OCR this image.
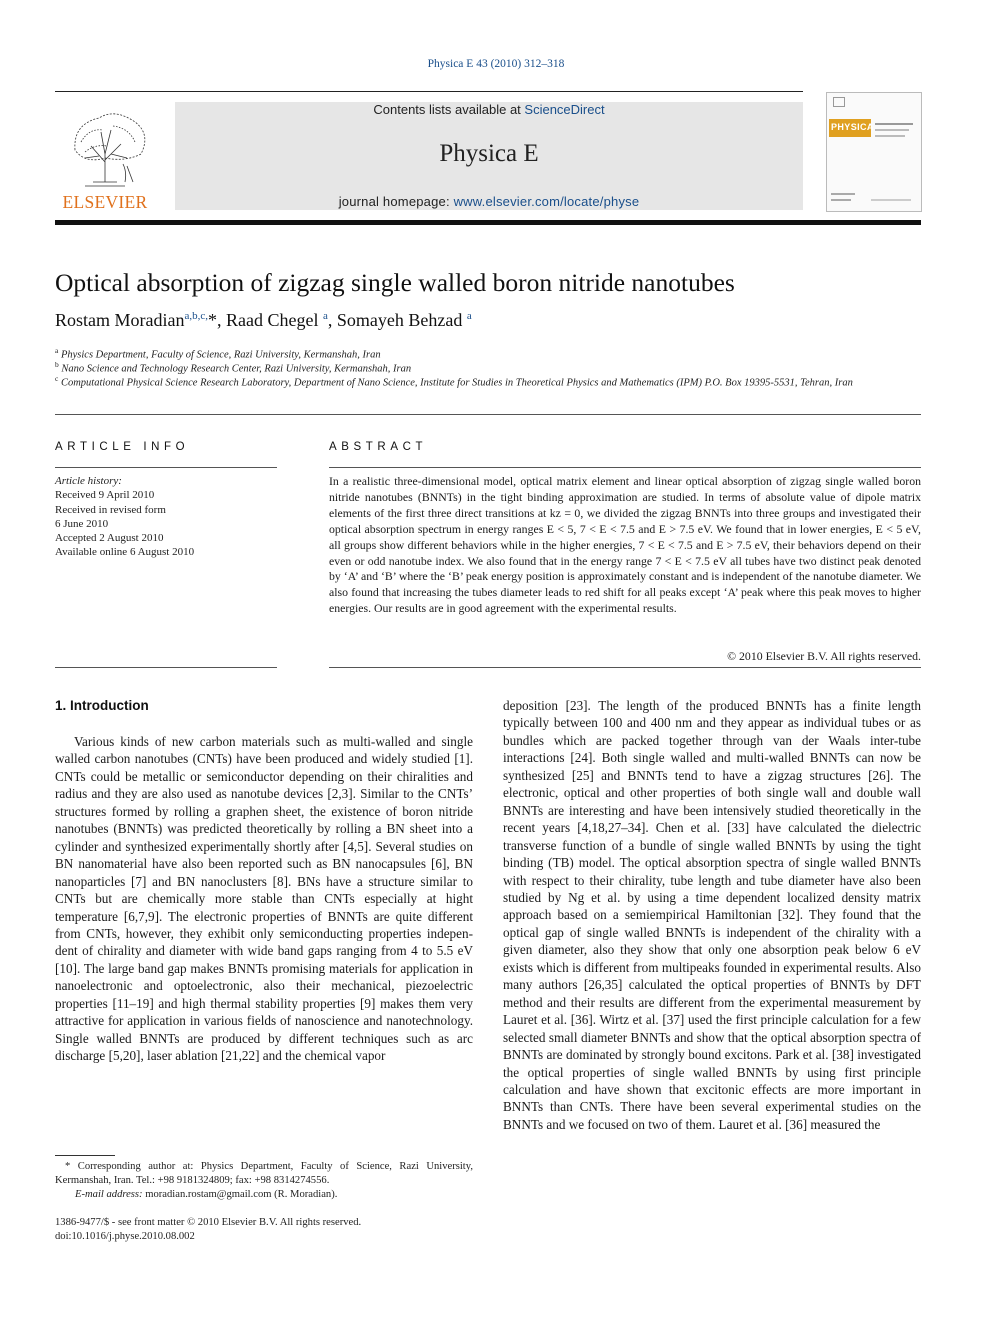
Physica E 43 (2010) 312–318
ELSEVIER
Contents lists available at ScienceDirect
Physica E
journal homepage: www.elsevier.com/locate/physe
PHYSICA
Optical absorption of zigzag single walled boron nitride nanotubes
Rostam Moradian$^{a,b,c,}$*, Raad Chegel $^a$, Somayeh Behzad $^a$
$^a$ Physics Department, Faculty of Science, Razi University, Kermanshah, Iran
$^b$ Nano Science and Technology Research Center, Razi University, Kermanshah, Iran
$^c$ Computational Physical Science Research Laboratory, Department of Nano Science, Institute for Studies in Theoretical Physics and Mathematics (IPM) P.O. Box 19395-5531, Tehran, Iran
ARTICLE INFO
Article history:
Received 9 April 2010
Received in revised form
6 June 2010
Accepted 2 August 2010
Available online 6 August 2010
ABSTRACT
In a realistic three-dimensional model, optical matrix element and linear optical absorption of zigzag single walled boron nitride nanotubes (BNNTs) in the tight binding approximation are studied. In terms of absolute value of dipole matrix elements of the first three direct transitions at kz = 0, we divided the zigzag BNNTs into three groups and investigated their optical absorption spectrum in energy ranges E < 5, 7 < E < 7.5 and E > 7.5 eV. We found that in lower energies, E < 5 eV, all groups show different behaviors while in the higher energies, 7 < E < 7.5 and E > 7.5 eV, their behaviors depend on their even or odd nanotube index. We also found that in the energy range 7 < E < 7.5 eV all tubes have two distinct peak denoted by ‘A’ and ‘B’ where the ‘B’ peak energy position is approximately constant and is independent of the nanotube diameter. We also found that increasing the tubes diameter leads to red shift for all peaks except ‘A’ peak where this peak moves to higher energies. Our results are in good agreement with the experimental results.
© 2010 Elsevier B.V. All rights reserved.
1. Introduction

Various kinds of new carbon materials such as multi-walled and single walled carbon nanotubes (CNTs) have been produced and widely studied [1]. CNTs could be metallic or semiconductor depending on their chiralities and radius and they are also used as nanotube devices [2,3]. Similar to the CNTs’ structures formed by rolling a graphen sheet, the existence of boron nitride nanotubes (BNNTs) was predicted theoretically by rolling a BN sheet into a cylinder and synthesized experimentally shortly after [4,5]. Several studies on BN nanomaterial have also been reported such as BN nanocapsules [6], BN nanoparticles [7] and BN nanoclusters [8]. BNs have a structure similar to CNTs but are chemically more stable than CNTs especially at hight temperature [6,7,9]. The electronic properties of BNNTs are quite different from CNTs, however, they exhibit only semiconducting properties indepen-dent of chirality and diameter with wide band gaps ranging from 4 to 5.5 eV [10]. The large band gap makes BNNTs promising materials for application in nanoelectronic and optoelectronic, also their mechanical, piezoelectric properties [11–19] and high thermal stability properties [9] makes them very attractive for application in various fields of nanoscience and nanotechnology. Single walled BNNTs are produced by different techniques such as arc discharge [5,20], laser ablation [21,22] and the chemical vapor

deposition [23]. The length of the produced BNNTs has a finite length typically between 100 and 400 nm and they appear as individual tubes or as bundles which are packed together through van der Waals inter-tube interactions [24]. Both single walled and multi-walled BNNTs can now be synthesized [25] and BNNTs tend to have a zigzag structures [26]. The electronic, optical and other properties of both single wall and double wall BNNTs are interesting and have been intensively studied theoretically in the recent years [4,18,27–34]. Chen et al. [33] have calculated the dielectric transverse function of a bundle of single walled BNNTs by using the tight binding (TB) model. The optical absorption spectra of single walled BNNTs with respect to their chirality, tube length and tube diameter have also been studied by Ng et al. by using a time dependent localized density matrix approach based on a semiempirical Hamiltonian [32]. They found that the optical gap of single walled BNNTs is independent of the chirality with a given diameter, also they show that only one absorption peak below 6 eV exists which is different from multipeaks founded in experimental results. Also many authors [26,35] calculated the optical properties of BNNTs by DFT method and their results are different from the experimental measurement by Lauret et al. [36]. Wirtz et al. [37] used the first principle calculation for a few selected small diameter BNNTs and show that the optical absorption spectra of BNNTs are dominated by strongly bound excitons. Park et al. [38] investigated the optical properties of single walled BNNTs by using first principle calculation and have shown that excitonic effects are more important in BNNTs than CNTs. There have been several experimental studies on the BNNTs and we focused on two of them. Lauret et al. [36] measured the

* Corresponding author at: Physics Department, Faculty of Science, Razi University, Kermanshah, Iran. Tel.: +98 9181324809; fax: +98 8314274556.
E-mail address: moradian.rostam@gmail.com (R. Moradian).
1386-9477/$ - see front matter © 2010 Elsevier B.V. All rights reserved.
doi:10.1016/j.physe.2010.08.002
